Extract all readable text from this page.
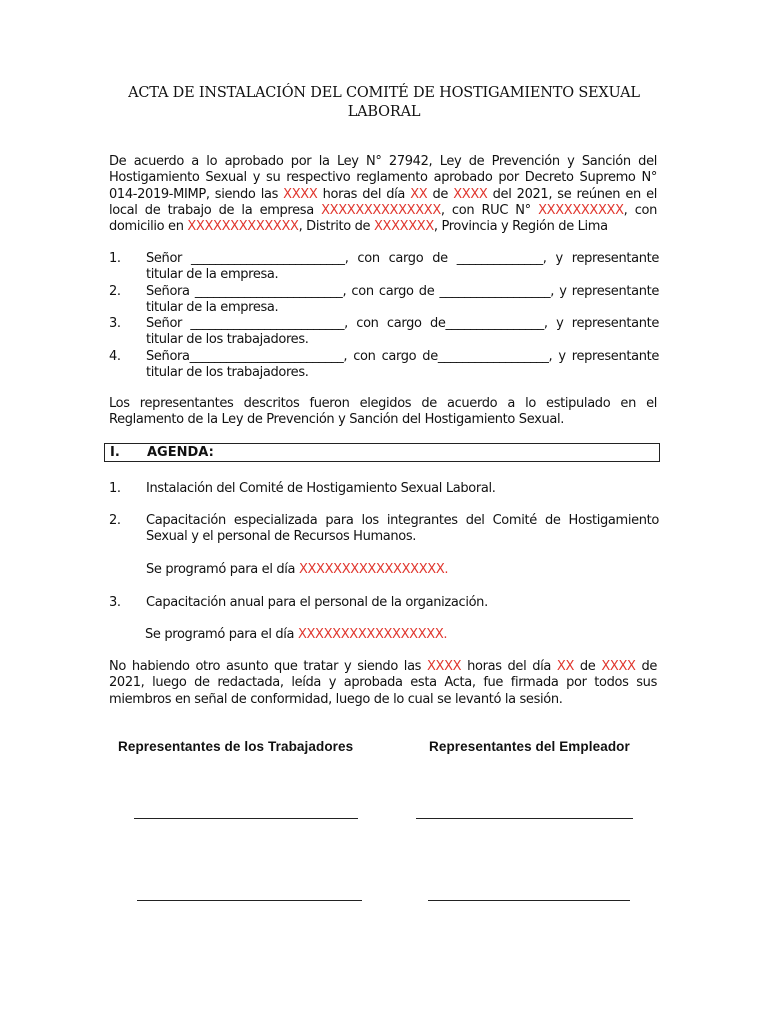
ACTA DE INSTALACIÓN DEL COMITÉ DE HOSTIGAMIENTO SEXUAL LABORAL

De acuerdo a lo aprobado por la Ley N° 27942, Ley de Prevención y Sanción del Hostigamiento Sexual y su respectivo reglamento aprobado por Decreto Supremo N° 014-2019-MIMP, siendo las XXXX horas del día XX de XXXX del 2021, se reúnen en el local de trabajo de la empresa XXXXXXXXXXXXXX, con RUC N° XXXXXXXXXX, con domicilio en XXXXXXXXXXXXX, Distrito de XXXXXXX, Provincia y Región de Lima

1. Señor _________________________, con cargo de ______________, y representante titular de la empresa.
2. Señora ________________________, con cargo de __________________, y representante titular de la empresa.
3. Señor _________________________, con cargo de________________, y representante titular de los trabajadores.
4. Señora_________________________, con cargo de__________________, y representante titular de los trabajadores.
Los representantes descritos fueron elegidos de acuerdo a lo estipulado en el Reglamento de la Ley de Prevención y Sanción del Hostigamiento Sexual.
I. AGENDA:
1. Instalación del Comité de Hostigamiento Sexual Laboral.
2. Capacitación especializada para los integrantes del Comité de Hostigamiento Sexual y el personal de Recursos Humanos.
Se programó para el día XXXXXXXXXXXXXXXXX.
3. Capacitación anual para el personal de la organización.
Se programó para el día XXXXXXXXXXXXXXXXX.

No habiendo otro asunto que tratar y siendo las XXXX horas del día XX de XXXX de 2021, luego de redactada, leída y aprobada esta Acta, fue firmada por todos sus miembros en señal de conformidad, luego de lo cual se levantó la sesión.

Representantes de los Trabajadores	Representantes del Empleador
